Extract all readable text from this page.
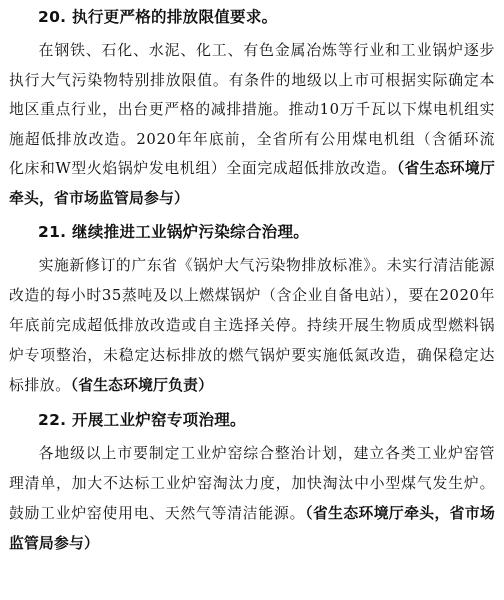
20. 执行更严格的排放限值要求。

在钢铁、石化、水泥、化工、有色金属冶炼等行业和工业锅炉逐步执行大气污染物特别排放限值。有条件的地级以上市可根据实际确定本地区重点行业，出台更严格的减排措施。推动10万千瓦以下煤电机组实施超低排放改造。2020年年底前，全省所有公用煤电机组（含循环流化床和W型火焰锅炉发电机组）全面完成超低排放改造。（省生态环境厅牵头，省市场监管局参与）

21. 继续推进工业锅炉污染综合治理。

实施新修订的广东省《锅炉大气污染物排放标准》。未实行清洁能源改造的每小时35蒸吨及以上燃煤锅炉（含企业自备电站），要在2020年年底前完成超低排放改造或自主选择关停。持续开展生物质成型燃料锅炉专项整治，未稳定达标排放的燃气锅炉要实施低氮改造，确保稳定达标排放。（省生态环境厅负责）

22. 开展工业炉窑专项治理。

各地级以上市要制定工业炉窑综合整治计划，建立各类工业炉窑管理清单，加大不达标工业炉窑淘汰力度，加快淘汰中小型煤气发生炉。鼓励工业炉窑使用电、天然气等清洁能源。（省生态环境厅牵头，省市场监管局参与）
